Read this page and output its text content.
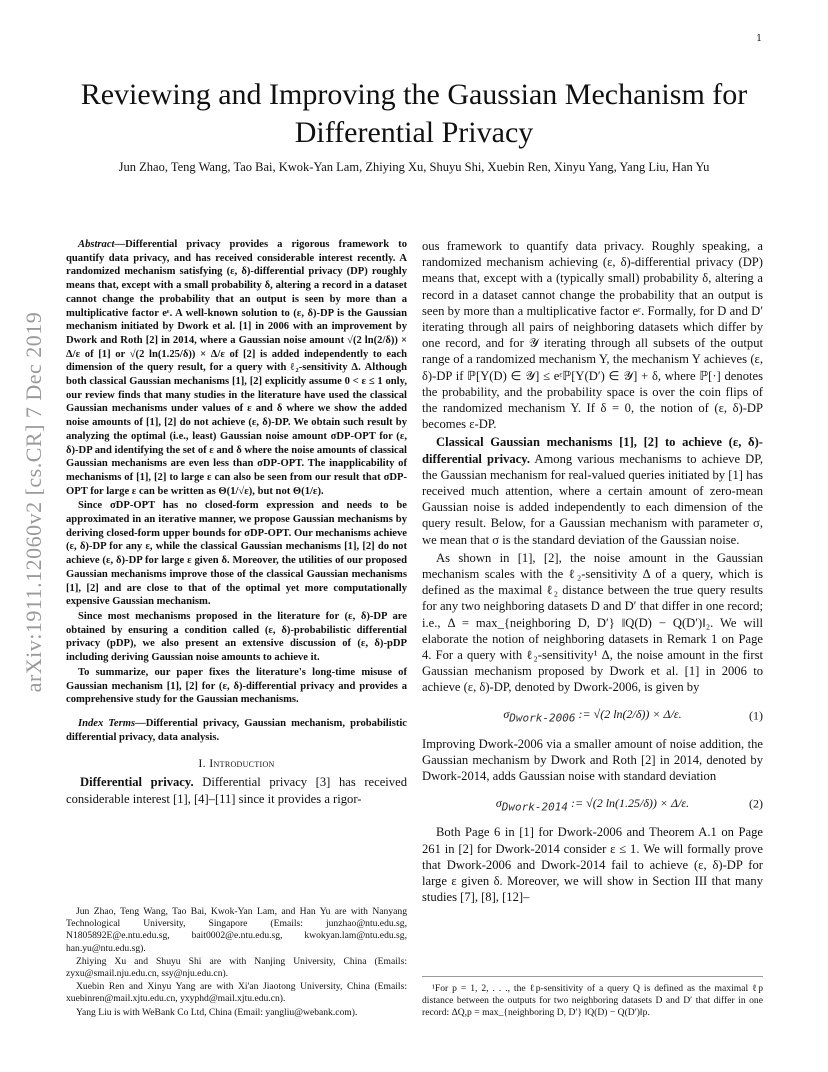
1
arXiv:1911.12060v2 [cs.CR] 7 Dec 2019
Reviewing and Improving the Gaussian Mechanism for Differential Privacy
Jun Zhao, Teng Wang, Tao Bai, Kwok-Yan Lam, Zhiying Xu, Shuyu Shi, Xuebin Ren, Xinyu Yang, Yang Liu, Han Yu

Abstract—Differential privacy provides a rigorous framework to quantify data privacy, and has received considerable interest recently. A randomized mechanism satisfying (ε, δ)-differential privacy (DP) roughly means that, except with a small probability δ, altering a record in a dataset cannot change the probability that an output is seen by more than a multiplicative factor eᵋ. A well-known solution to (ε, δ)-DP is the Gaussian mechanism initiated by Dwork et al. [1] in 2006 with an improvement by Dwork and Roth [2] in 2014, where a Gaussian noise amount √(2 ln(2/δ)) × Δ/ε of [1] or √(2 ln(1.25/δ)) × Δ/ε of [2] is added independently to each dimension of the query result, for a query with ℓ₂-sensitivity Δ. Although both classical Gaussian mechanisms [1], [2] explicitly assume 0 < ε ≤ 1 only, our review finds that many studies in the literature have used the classical Gaussian mechanisms under values of ε and δ where we show the added noise amounts of [1], [2] do not achieve (ε, δ)-DP. We obtain such result by analyzing the optimal (i.e., least) Gaussian noise amount σDP-OPT for (ε, δ)-DP and identifying the set of ε and δ where the noise amounts of classical Gaussian mechanisms are even less than σDP-OPT. The inapplicability of mechanisms of [1], [2] to large ε can also be seen from our result that σDP-OPT for large ε can be written as Θ(1/√ε), but not Θ(1/ε).

Since σDP-OPT has no closed-form expression and needs to be approximated in an iterative manner, we propose Gaussian mechanisms by deriving closed-form upper bounds for σDP-OPT. Our mechanisms achieve (ε, δ)-DP for any ε, while the classical Gaussian mechanisms [1], [2] do not achieve (ε, δ)-DP for large ε given δ. Moreover, the utilities of our proposed Gaussian mechanisms improve those of the classical Gaussian mechanisms [1], [2] and are close to that of the optimal yet more computationally expensive Gaussian mechanism.

Since most mechanisms proposed in the literature for (ε, δ)-DP are obtained by ensuring a condition called (ε, δ)-probabilistic differential privacy (pDP), we also present an extensive discussion of (ε, δ)-pDP including deriving Gaussian noise amounts to achieve it.

To summarize, our paper fixes the literature's long-time misuse of Gaussian mechanism [1], [2] for (ε, δ)-differential privacy and provides a comprehensive study for the Gaussian mechanisms.

Index Terms—Differential privacy, Gaussian mechanism, probabilistic differential privacy, data analysis.

I. Introduction

Differential privacy. Differential privacy [3] has received considerable interest [1], [4]–[11] since it provides a rigor-

Jun Zhao, Teng Wang, Tao Bai, Kwok-Yan Lam, and Han Yu are with Nanyang Technological University, Singapore (Emails: junzhao@ntu.edu.sg, N1805892E@e.ntu.edu.sg, bait0002@e.ntu.edu.sg, kwokyan.lam@ntu.edu.sg, han.yu@ntu.edu.sg).

Zhiying Xu and Shuyu Shi are with Nanjing University, China (Emails: zyxu@smail.nju.edu.cn, ssy@nju.edu.cn).

Xuebin Ren and Xinyu Yang are with Xi'an Jiaotong University, China (Emails: xuebinren@mail.xjtu.edu.cn, yxyphd@mail.xjtu.edu.cn).

Yang Liu is with WeBank Co Ltd, China (Email: yangliu@webank.com).

ous framework to quantify data privacy. Roughly speaking, a randomized mechanism achieving (ε, δ)-differential privacy (DP) means that, except with a (typically small) probability δ, altering a record in a dataset cannot change the probability that an output is seen by more than a multiplicative factor eᵋ. Formally, for D and D′ iterating through all pairs of neighboring datasets which differ by one record, and for 𝒴 iterating through all subsets of the output range of a randomized mechanism Y, the mechanism Y achieves (ε, δ)-DP if ℙ[Y(D) ∈ 𝒴] ≤ eᵋℙ[Y(D′) ∈ 𝒴] + δ, where ℙ[·] denotes the probability, and the probability space is over the coin flips of the randomized mechanism Y. If δ = 0, the notion of (ε, δ)-DP becomes ε-DP.

Classical Gaussian mechanisms [1], [2] to achieve (ε, δ)-differential privacy. Among various mechanisms to achieve DP, the Gaussian mechanism for real-valued queries initiated by [1] has received much attention, where a certain amount of zero-mean Gaussian noise is added independently to each dimension of the query result. Below, for a Gaussian mechanism with parameter σ, we mean that σ is the standard deviation of the Gaussian noise.

As shown in [1], [2], the noise amount in the Gaussian mechanism scales with the ℓ₂-sensitivity Δ of a query, which is defined as the maximal ℓ₂ distance between the true query results for any two neighboring datasets D and D′ that differ in one record; i.e., Δ = max_{neighboring D, D′} ‖Q(D) − Q(D′)‖₂. We will elaborate the notion of neighboring datasets in Remark 1 on Page 4. For a query with ℓ₂-sensitivity¹ Δ, the noise amount in the first Gaussian mechanism proposed by Dwork et al. [1] in 2006 to achieve (ε, δ)-DP, denoted by Dwork-2006, is given by

$\sigma_{Dwork-2006}$ := √(2 ln(2/δ)) × Δ/ε.	(1)

Improving Dwork-2006 via a smaller amount of noise addition, the Gaussian mechanism by Dwork and Roth [2] in 2014, denoted by Dwork-2014, adds Gaussian noise with standard deviation

$\sigma_{Dwork-2014}$ := √(2 ln(1.25/δ)) × Δ/ε.	(2)

Both Page 6 in [1] for Dwork-2006 and Theorem A.1 on Page 261 in [2] for Dwork-2014 consider ε ≤ 1. We will formally prove that Dwork-2006 and Dwork-2014 fail to achieve (ε, δ)-DP for large ε given δ. Moreover, we will show in Section III that many studies [7], [8], [12]–

¹For p = 1, 2, . . ., the ℓp-sensitivity of a query Q is defined as the maximal ℓp distance between the outputs for two neighboring datasets D and D′ that differ in one record: ΔQ,p = max_{neighboring D, D′} ‖Q(D) − Q(D′)‖p.
